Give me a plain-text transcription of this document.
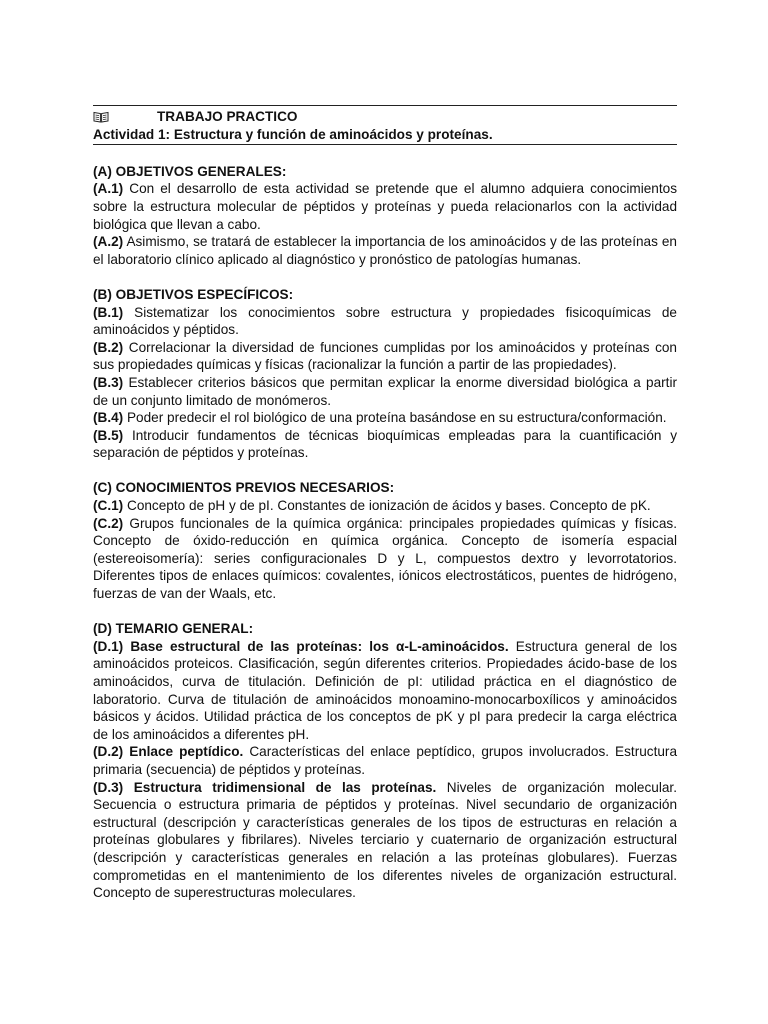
TRABAJO PRACTICO
Actividad 1: Estructura y función de aminoácidos y proteínas.
(A) OBJETIVOS GENERALES:
(A.1) Con el desarrollo de esta actividad se pretende que el alumno adquiera conocimientos sobre la estructura molecular de péptidos y proteínas y pueda relacionarlos con la actividad biológica que llevan a cabo.
(A.2) Asimismo, se tratará de establecer la importancia de los aminoácidos y de las proteínas en el laboratorio clínico aplicado al diagnóstico y pronóstico de patologías humanas.
(B) OBJETIVOS ESPECÍFICOS:
(B.1) Sistematizar los conocimientos sobre estructura y propiedades fisicoquímicas de aminoácidos y péptidos.
(B.2) Correlacionar la diversidad de funciones cumplidas por los aminoácidos y proteínas con sus propiedades químicas y físicas (racionalizar la función a partir de las propiedades).
(B.3) Establecer criterios básicos que permitan explicar la enorme diversidad biológica a partir de un conjunto limitado de monómeros.
(B.4) Poder predecir el rol biológico de una proteína basándose en su estructura/conformación.
(B.5) Introducir fundamentos de técnicas bioquímicas empleadas para la cuantificación y separación de péptidos y proteínas.
(C) CONOCIMIENTOS PREVIOS NECESARIOS:
(C.1) Concepto de pH y de pI. Constantes de ionización de ácidos y bases. Concepto de pK.
(C.2) Grupos funcionales de la química orgánica: principales propiedades químicas y físicas. Concepto de óxido-reducción en química orgánica. Concepto de isomería espacial (estereoisomería): series configuracionales D y L, compuestos dextro y levorrotatorios. Diferentes tipos de enlaces químicos: covalentes, iónicos electrostáticos, puentes de hidrógeno, fuerzas de van der Waals, etc.
(D) TEMARIO GENERAL:
(D.1) Base estructural de las proteínas: los α-L-aminoácidos. Estructura general de los aminoácidos proteicos. Clasificación, según diferentes criterios. Propiedades ácido-base de los aminoácidos, curva de titulación. Definición de pI: utilidad práctica en el diagnóstico de laboratorio. Curva de titulación de aminoácidos monoamino-monocarboxílicos y aminoácidos básicos y ácidos. Utilidad práctica de los conceptos de pK y pI para predecir la carga eléctrica de los aminoácidos a diferentes pH.
(D.2) Enlace peptídico. Características del enlace peptídico, grupos involucrados. Estructura primaria (secuencia) de péptidos y proteínas.
(D.3) Estructura tridimensional de las proteínas. Niveles de organización molecular. Secuencia o estructura primaria de péptidos y proteínas. Nivel secundario de organización estructural (descripción y características generales de los tipos de estructuras en relación a proteínas globulares y fibrilares). Niveles terciario y cuaternario de organización estructural (descripción y características generales en relación a las proteínas globulares). Fuerzas comprometidas en el mantenimiento de los diferentes niveles de organización estructural. Concepto de superestructuras moleculares.
